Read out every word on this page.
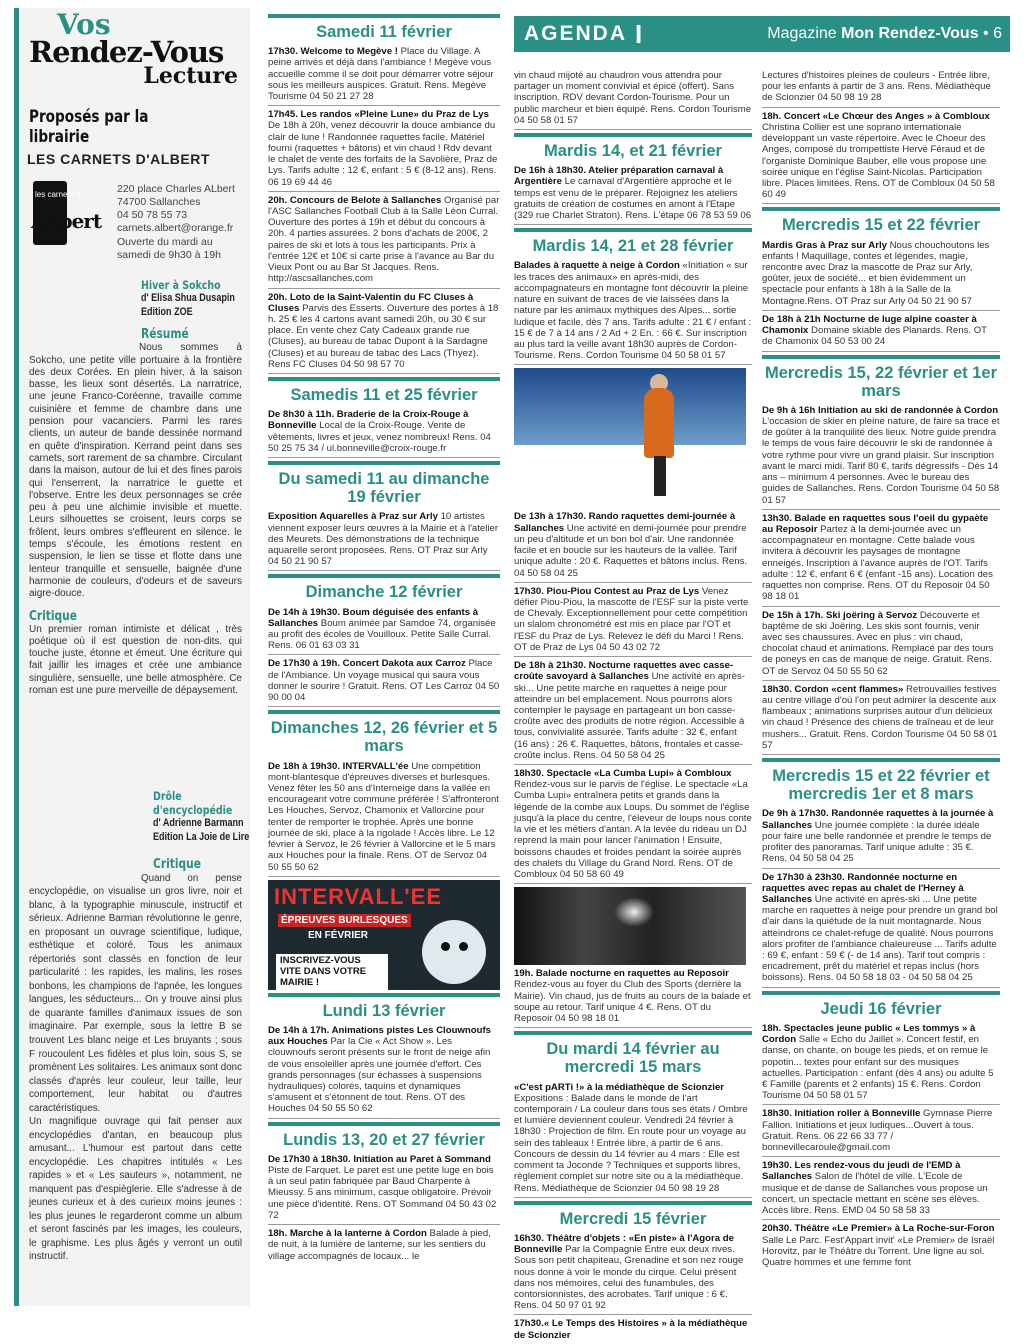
AGENDA I	Magazine Mon Rendez-Vous • 6
Vos
Rendez-Vous
Lecture
Proposés par la librairie
LES CARNETS D'ALBERT
les carnets d'
ALbert
220 place Charles ALbert
74700 Sallanches
04 50 78 55 73
carnets.albert@orange.fr
Ouverte du mardi au
samedi de 9h30 à 19h
Hiver à Sokcho
d' Elisa Shua Dusapin
Edition ZOE
Résumé

Nous sommes à Sokcho, une petite ville portuaire à la frontière des deux Corées. En plein hiver, à la saison basse, les lieux sont désertés. La narratrice, une jeune Franco-Coréenne, travaille comme cuisinière et femme de chambre dans une pension pour vacanciers. Parmi les rares clients, un auteur de bande dessinée normand en quête d'inspiration. Kerrand peint dans ses carnets, sort rarement de sa chambre. Circulant dans la maison, autour de lui et des fines parois qui l'enserrent, la narratrice le guette et l'observe. Entre les deux personnages se crée peu à peu une alchimie invisible et muette. Leurs silhouettes se croisent, leurs corps se frôlent, leurs ombres s'effleurent en silence. le temps s'écoule, les émotions restent en suspension, le lien se tisse et flotte dans une lenteur tranquille et sensuelle, baignée d'une harmonie de couleurs, d'odeurs et de saveurs aigre-douce.

Critique

Un premier roman intimiste et délicat , très poétique où il est question de non-dits. qui touche juste, étonne et émeut. Une écriture qui fait jaillir les images et crée une ambiance singulière, sensuelle, une belle atmosphère. Ce roman est une pure merveille de dépaysement.

Drôle
d'encyclopédie
d' Adrienne Barmann
Edition La Joie de Lire
Critique

Quand on pense encyclopédie, on visualise un gros livre, noir et blanc, à la typographie minuscule, instructif et sérieux. Adrienne Barman révolutionne le genre, en proposant un ouvrage scientifique, ludique, esthétique et coloré. Tous les animaux répertoriés sont classés en fonction de leur particularité : les rapides, les malins, les roses bonbons, les champions de l'apnée, les longues langues, les séducteurs... On y trouve ainsi plus de quarante familles d'animaux issues de son imaginaire. Par exemple, sous la lettre B se trouvent Les blanc neige et Les bruyants ; sous F roucoulent Les fidèles et plus loin, sous S, se promènent Les solitaires. Les animaux sont donc classés d'après leur couleur, leur taille, leur comportement, leur habitat ou d'autres caractéristiques.
Un magnifique ouvrage qui fait penser aux encyclopédies d'antan, en beaucoup plus amusant... L'humour est partout dans cette encyclopédie. Les chapitres intitulés « Les rapides » et « Les sauteurs », notamment, ne manquent pas d'espièglerie. Elle s'adresse à de jeunes curieux et à des curieux moins jeunes : les plus jeunes le regarderont comme un album et seront fascinés par les images, les couleurs, le graphisme. Les plus âgés y verront un outil instructif.

Samedi 11 février
17h30. Welcome to Megève ! Place du Village. A peine arrivés et déjà dans l'ambiance ! Megève vous accueille comme il se doit pour démarrer votre séjour sous les meilleurs auspices. Gratuit. Rens. Megève Tourisme 04 50 21 27 28
17h45. Les randos «Pleine Lune» du Praz de Lys De 18h à 20h, venez découvrir la douce ambiance du clair de lune ! Randonnée raquettes facile. Matériel fourni (raquettes + bâtons) et vin chaud ! Rdv devant le chalet de vente des forfaits de la Savolière, Praz de Lys. Tarifs adulte : 12 €, enfant : 5 € (8-12 ans). Rens. 06 19 69 44 46
20h. Concours de Belote à Sallanches Organisé par l'ASC Sallanches Football Club à la Salle Léon Curral. Ouverture des portes à 19h et début du concours à 20h. 4 parties assurées. 2 bons d'achats de 200€, 2 paires de ski et lots à tous les participants. Prix à l'entrée 12€ et 10€ si carte prise à l'avance au Bar du Vieux Pont ou au Bar St Jacques. Rens. http://ascsallanches.com
20h. Loto de la Saint-Valentin du FC Cluses à Cluses Parvis des Esserts. Ouverture des portes à 18 h. 25 € les 4 cartons avant samedi 20h, ou 30 € sur place. En vente chez Caty Cadeaux grande rue (Cluses), au bureau de tabac Dupont à la Sardagne (Cluses) et au bureau de tabac des Lacs (Thyez). Rens FC Cluses 04 50 98 57 70
Samedis 11 et 25 février
De 8h30 à 11h. Braderie de la Croix-Rouge à Bonneville Local de la Croix-Rouge. Vente de vêtements, livres et jeux, venez nombreux! Rens. 04 50 25 75 34 / ul.bonneville@croix-rouge.fr
Du samedi 11 au dimanche 19 février
Exposition Aquarelles à Praz sur Arly 10 artistes viennent exposer leurs œuvres à la Mairie et à l'atelier des Meurets. Des démonstrations de la technique aquarelle seront proposées. Rens. OT Praz sur Arly 04 50 21 90 57
Dimanche 12 février
De 14h à 19h30. Boum déguisée des enfants à Sallanches Boum animée par Samdoe 74, organisée au profit des écoles de Vouilloux. Petite Salle Curral. Rens. 06 01 63 03 31
De 17h30 à 19h. Concert Dakota aux Carroz Place de l'Ambiance. Un voyage musical qui saura vous donner le sourire ! Gratuit. Rens. OT Les Carroz 04 50 90 00 04
Dimanches 12, 26 février et 5 mars
De 18h à 19h30. INTERVALL'ée Une compétition mont-blantesque d'épreuves diverses et burlesques. Venez fêter les 50 ans d'Interneige dans la vallée en encourageant votre commune préférée ! S'affronteront Les Houches, Servoz, Chamonix et Vallorcine pour tenter de remporter le trophée. Après une bonne journée de ski, place à la rigolade ! Accès libre. Le 12 février à Servoz, le 26 février à Vallorcine et le 5 mars aux Houches pour la finale. Rens. OT de Servoz 04 50 55 50 62
INTERVALL'EE
ÉPREUVES BURLESQUES
EN FÉVRIER
INSCRIVEZ-VOUS VITE DANS VOTRE MAIRIE !
Lundi 13 février
De 14h à 17h. Animations pistes Les Clouwnoufs aux Houches Par la Cie « Act Show ». Les clouwnoufs seront présents sur le front de neige afin de vous ensoleiller après une journée d'effort. Ces grands personnages (sur échasses à suspensions hydrauliques) colorés, taquins et dynamiques s'amusent et s'étonnent de tout. Rens. OT des Houches 04 50 55 50 62
Lundis 13, 20 et 27 février
De 17h30 à 18h30. Initiation au Paret à Sommand Piste de Farquet. Le paret est une petite luge en bois à un seul patin fabriquée par Baud Charpente à Mieussy. 5 ans minimum, casque obligatoire. Prévoir une pièce d'identité. Rens. OT Sommand 04 50 43 02 72
18h. Marche à la lanterne à Cordon Balade à pied, de nuit, à la lumière de lanterne, sur les sentiers du village accompagnés de locaux... le
vin chaud mijoté au chaudron vous attendra pour partager un moment convivial et épicé (offert). Sans inscription. RDV devant Cordon-Tourisme. Pour un public marcheur et bien équipé. Rens. Cordon Tourisme 04 50 58 01 57
Mardis 14, et 21 février
De 16h à 18h30. Atelier préparation carnaval à Argentière Le carnaval d'Argentière approche et le temps est venu de le préparer. Rejoignez les ateliers gratuits de création de costumes en amont à l'Etape (329 rue Charlet Straton). Rens. L'étape 06 78 53 59 06
Mardis 14, 21 et 28 février
Balades à raquette à neige à Cordon «Initiation « sur les traces des animaux» en après-midi, des accompagnateurs en montagne font découvrir la pleine nature en suivant de traces de vie laissées dans la nature par les animaux mythiques des Alpes... sortie ludique et facile, dès 7 ans. Tarifs adulte : 21 € / enfant : 15 € de 7 à 14 ans / 2 Ad + 2 En. : 66 €. Sur inscription au plus tard la veille avant 18h30 auprès de Cordon-Tourisme. Rens. Cordon Tourisme 04 50 58 01 57
De 13h à 17h30. Rando raquettes demi-journée à Sallanches Une activité en demi-journée pour prendre un peu d'altitude et un bon bol d'air. Une randonnée facile et en boucle sur les hauteurs de la vallée. Tarif unique adulte : 20 €. Raquettes et bâtons inclus. Rens. 04 50 58 04 25
17h30. Piou-Piou Contest au Praz de Lys Venez défier Piou-Piou, la mascotte de l'ESF sur la piste verte de Chevaly. Exceptionnellement pour cette compétition un slalom chronométré est mis en place par l'OT et l'ESF du Praz de Lys. Relevez le défi du Marci ! Rens. OT de Praz de Lys 04 50 43 02 72
De 18h à 21h30. Nocturne raquettes avec casse-croûte savoyard à Sallanches Une activité en après-ski... Une petite marche en raquettes à neige pour atteindre un bel emplacement. Nous pourrons alors contempler le paysage en partageant un bon casse-croûte avec des produits de notre région. Accessible à tous, convivialité assurée. Tarifs adulte : 32 €, enfant (16 ans) : 26 €. Raquettes, bâtons, frontales et casse-croûte inclus. Rens. 04 50 58 04 25
18h30. Spectacle «La Cumba Lupi» à Combloux Rendez-vous sur le parvis de l'église. Le spectacle «La Cumba Lupi» entraînera petits et grands dans la légende de la combe aux Loups. Du sommet de l'église jusqu'à la place du centre, l'éleveur de loups nous conte la vie et les métiers d'antan. A la levée du rideau un DJ reprend la main pour lancer l'animation ! Ensuite, boissons chaudes et froides pendant la soirée auprès des chalets du Village du Grand Nord. Rens. OT de Combloux 04 50 58 60 49
19h. Balade nocturne en raquettes au Reposoir Rendez-vous au foyer du Club des Sports (derrière la Mairie). Vin chaud, jus de fruits au cours de la balade et soupe au retour. Tarif unique 4 €. Rens. OT du Reposoir 04 50 98 18 01
Du mardi 14 février au mercredi 15 mars
«C'est pARTi !» à la médiathèque de Scionzier Expositions : Balade dans le monde de l'art contemporain / La couleur dans tous ses états / Ombre et lumière deviennent couleur. Vendredi 24 février à 18h30 : Projection de film. En route pour un voyage au sein des tableaux ! Entrée libre, à partir de 6 ans. Concours de dessin du 14 février au 4 mars : Elle est comment ta Joconde ? Techniques et supports libres, règlement complet sur notre site ou à la médiathèque. Rens. Médiathèque de Scionzier 04 50 98 19 28
Mercredi 15 février
16h30. Théâtre d'objets : «En piste» à l'Agora de Bonneville Par la Compagnie Entre eux deux rives. Sous son petit chapiteau, Grenadine et son nez rouge nous donne à voir le monde du cirque. Celui présent dans nos mémoires, celui des funambules, des contorsionnistes, des acrobates. Tarif unique : 6 €. Rens. 04 50 97 01 92
17h30.« Le Temps des Histoires » à la médiathèque de Scionzier
Lectures d'histoires pleines de couleurs - Entrée libre, pour les enfants à partir de 3 ans. Rens. Médiathèque de Scionzier 04 50 98 19 28
18h. Concert «Le Chœur des Anges » à Combloux Christina Collier est une soprano internationale développant un vaste répertoire. Avec le Choeur des Anges, composé du trompettiste Hervé Féraud et de l'organiste Dominique Bauber, elle vous propose une soirée unique en l'église Saint-Nicolas. Participation libre. Places limitées. Rens. OT de Combloux 04 50 58 60 49
Mercredis 15 et 22 février
Mardis Gras à Praz sur Arly Nous chouchoutons les enfants ! Maquillage, contes et légendes, magie, rencontre avec Draz la mascotte de Praz sur Arly, goûter, jeux de société... et bien évidemment un spectacle pour enfants à 18h à la Salle de la Montagne.Rens. OT Praz sur Arly 04 50 21 90 57
De 18h à 21h Nocturne de luge alpine coaster à Chamonix Domaine skiable des Planards. Rens. OT de Chamonix 04 50 53 00 24
Mercredis 15, 22 février et 1er mars
De 9h à 16h Initiation au ski de randonnée à Cordon L'occasion de skier en pleine nature, de faire sa trace et de goûter à la tranquilité des lieux. Notre guide prendra le temps de vous faire découvrir le ski de randonnée à votre rythme pour vivre un grand plaisir. Sur inscription avant le marci midi. Tarif 80 €, tarifs dégressifs - Dès 14 ans – minimum 4 personnes. Avec le bureau des guides de Sallanches. Rens. Cordon Tourisme 04 50 58 01 57
13h30. Balade en raquettes sous l'oeil du gypaète au Reposoir Partez à la demi-journée avec un accompagnateur en montagne. Cette balade vous invitera à découvrir les paysages de montagne enneigés. Inscription à l'avance auprès de l'OT. Tarifs adulte : 12 €, enfant 6 € (enfant -15 ans). Location des raquettes non comprise. Rens. OT du Reposoir 04 50 98 18 01
De 15h à 17h. Ski joëring à Servoz Découverte et baptême de ski Joëring. Les skis sont fournis, venir avec ses chaussures. Avec en plus : vin chaud, chocolat chaud et animations. Remplacé par des tours de poneys en cas de manque de neige. Gratuit. Rens. OT de Servoz 04 50 55 50 62
18h30. Cordon «cent flammes» Retrouvailles festives au centre village d'où l'on peut admirer la descente aux flambeaux ; animations surprises autour d'un délicieux vin chaud ! Présence des chiens de traîneau et de leur mushers... Gratuit. Rens. Cordon Tourisme 04 50 58 01 57
Mercredis 15 et 22 février et mercredis 1er et 8 mars
De 9h à 17h30. Randonnée raquettes à la journée à Sallanches Une journée complète : la durée idéale pour faire une belle randonnée et prendre le temps de profiter des panoramas. Tarif unique adulte : 35 €. Rens. 04 50 58 04 25
De 17h30 à 23h30. Randonnée nocturne en raquettes avec repas au chalet de l'Herney à Sallanches Une activité en après-ski ... Une petite marche en raquettes à neige pour prendre un grand bol d'air dans la quiétude de la nuit montagnarde. Nous atteindrons ce chalet-refuge de qualité. Nous pourrons alors profiter de l'ambiance chaleureuse ... Tarifs adulte : 69 €, enfant : 59 € (- de 14 ans). Tarif tout compris : encadrement, prêt du matériel et repas inclus (hors boissons). Rens. 04 50 58 18 03 - 04 50 58 04 25
Jeudi 16 février
18h. Spectacles jeune public « Les tommys » à Cordon Salle « Echo du Jaillet ». Concert festif, en danse, on chante, on bouge les pieds, et on remue le popotin... textes pour enfant sur des musiques actuelles. Participation : enfant (dès 4 ans) ou adulte 5 € Famille (parents et 2 enfants) 15 €. Rens. Cordon Tourisme 04 50 58 01 57
18h30. Initiation roller à Bonneville Gymnase Pierre Fallion. Initiations et jeux ludiques...Ouvert à tous. Gratuit. Rens. 06 22 66 33 77 / bonnevillecaroule@gmail.com
19h30. Les rendez-vous du jeudi de l'EMD à Sallanches Salon de l'hôtel de ville. L'Ecole de musique et de danse de Sallanches vous propose un concert, un spectacle mettant en scène ses élèves. Accès libre. Rens. EMD 04 50 58 58 33
20h30. Théâtre «Le Premier» à La Roche-sur-Foron Salle Le Parc. Fest'Appart invit' «Le Premier» de Israël Horovitz, par le Théâtre du Torrent. Une ligne au sol. Quatre hommes et une femme font
